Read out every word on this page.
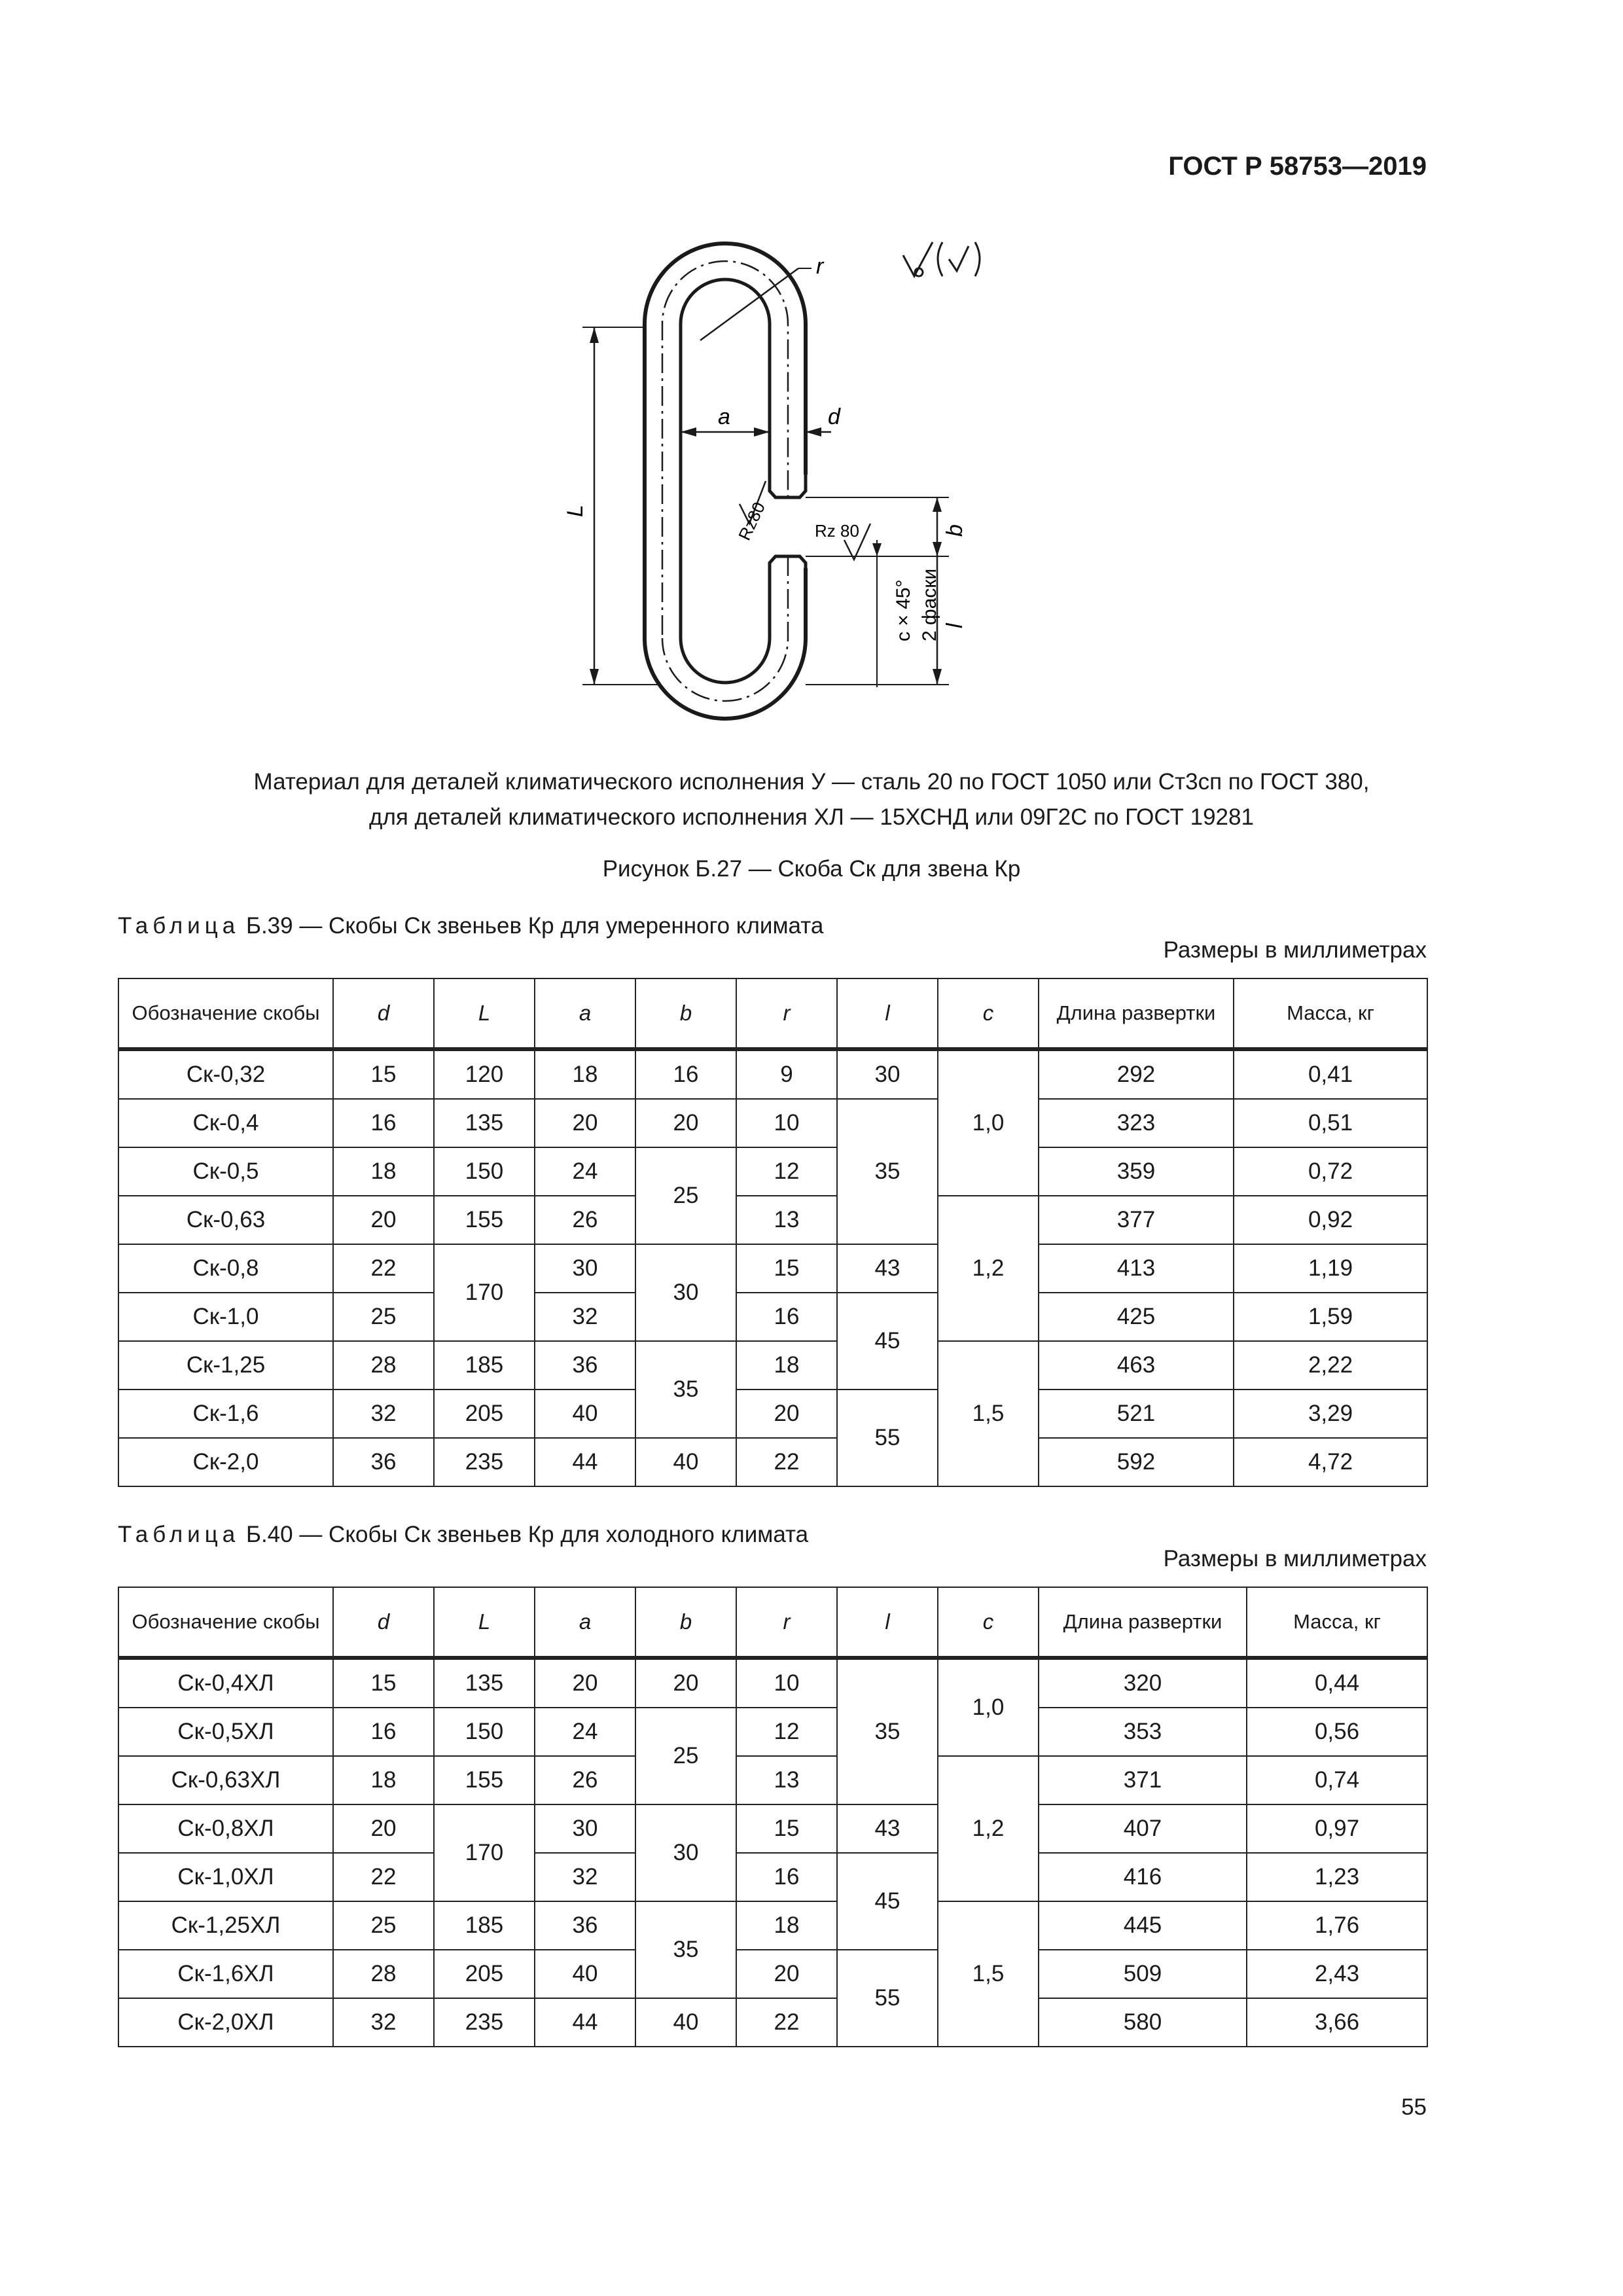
ГОСТ Р 58753—2019
r
a	d
L
b
l
Rz80	Rz 80
c × 45° 2 фаски
Материал для деталей климатического исполнения У — сталь 20 по ГОСТ 1050 или Ст3сп по ГОСТ 380,
для деталей климатического исполнения ХЛ — 15ХСНД или 09Г2С по ГОСТ 19281
Рисунок Б.27 — Скоба Ск для звена Кр
Таблица Б.39 — Скобы Ск звеньев Кр для умеренного климата
Размеры в миллиметрах
Обозначение скобы	d	L	a	b	r	l	c	Длина развертки	Масса, кг
Ск-0,32	15	120	18	16	9	30	1,0	292	0,41
Ск-0,4	16	135	20	20	10	35		323	0,51
Ск-0,5	18	150	24	25	12			359	0,72
Ск-0,63	20	155	26		13		1,2	377	0,92
Ск-0,8	22	170	30	30	15	43		413	1,19
Ск-1,0	25		32		16	45		425	1,59
Ск-1,25	28	185	36	35	18		1,5	463	2,22
Ск-1,6	32	205	40		20	55		521	3,29
Ск-2,0	36	235	44	40	22			592	4,72
Таблица Б.40 — Скобы Ск звеньев Кр для холодного климата
Размеры в миллиметрах
Обозначение скобы	d	L	a	b	r	l	c	Длина развертки	Масса, кг
Ск-0,4ХЛ	15	135	20	20	10	35	1,0	320	0,44
Ск-0,5ХЛ	16	150	24	25	12			353	0,56
Ск-0,63ХЛ	18	155	26		13		1,2	371	0,74
Ск-0,8ХЛ	20	170	30	30	15	43		407	0,97
Ск-1,0ХЛ	22		32		16	45		416	1,23
Ск-1,25ХЛ	25	185	36	35	18		1,5	445	1,76
Ск-1,6ХЛ	28	205	40		20	55		509	2,43
Ск-2,0ХЛ	32	235	44	40	22			580	3,66
55
